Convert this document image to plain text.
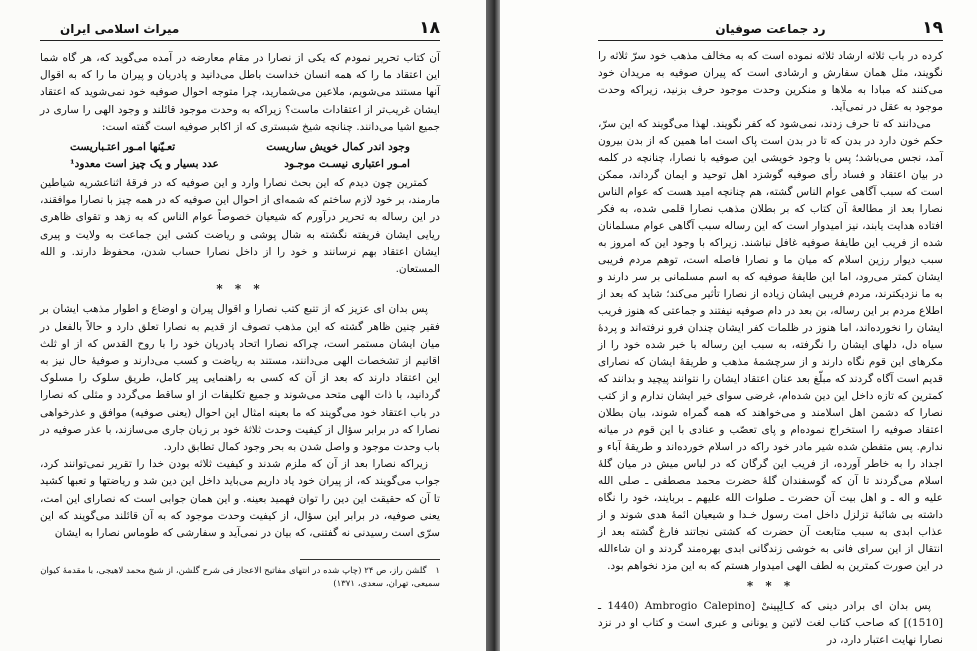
۱۸
میراث اسلامی ایران

آن کتاب تحریر نمودم که یکی از نصارا در مقام معارضه در آمده می‌گوید که، هر گاه شما این اعتقاد ما را که همه انسان خداست باطل می‌دانید و پادریان و پیران ما را که به اقوال آنها مستند می‌شویم، ملاعین می‌شمارید، چرا متوجه احوال صوفیه خود نمی‌شوید که اعتقاد ایشان غریب‌تر از اعتقادات ماست؟ زیراکه به وحدت موجود قائلند و وجود الهی را ساری در جمیع اشیا می‌دانند. چنانچه شیخ شبستری که از اکابر صوفیه است گفته است:

وجود اندر کمال خویش ساریست
تعـیّنها امـور اعتـباریست
امـور اعتباری نیسـت موجـود
عدد بسیار و یک چیز است معدود¹

کمترین چون دیدم که این بحث نصارا وارد و این صوفیه که در فرقهٔ اثناعشریه شیاطین مارمند، بر خود لازم ساختم که شمه‌ای از احوال این صوفیه که در همه چیز با نصارا موافقند، در این رساله به تحریر درآورم که شیعیان خصوصاً عوام الناس که به زهد و تقوای ظاهری ریایی ایشان فریفته نگشته به شال پوشی و ریاضت کشی این جماعت به ولایت و پیری ایشان اعتقاد بهم نرسانند و خود را از داخل نصارا حساب شدن، محفوظ دارند. و الله المستعان.

* * *

پس بدان ای عزیز که از تتبع کتب نصارا و اقوال پیران و اوضاع و اطوار مذهب ایشان بر فقیر چنین ظاهر گشته که این مذهب تصوف از قدیم به نصارا تعلق دارد و حالاً بالفعل در میان ایشان مستمر است، چراکه نصارا اتحاد پادریان خود را با روح القدس که از او ثلث اقانیم از تشخصات الهی می‌دانند، مستند به ریاضت و کسب می‌دارند و صوفیهٔ حال نیز به این اعتقاد دارند که بعد از آن که کسی به راهنمایی پیر کامل، طریق سلوک را مسلوک گردانید، با ذات الهی متحد می‌شوند و جمیع تکلیفات از او ساقط می‌گردد و مثلی که نصارا در باب اعتقاد خود می‌گویند که ما بعینه امثال این احوال (یعنی صوفیه) موافق و عذرخواهی نصارا که در برابر سؤال از کیفیت وحدت ثلاثهٔ خود بر زبان جاری می‌سازند، با عذر صوفیه در باب وحدت موجود و واصل شدن به بحر وجود کمال تطابق دارد.

زیراکه نصارا بعد از آن که ملزم شدند و کیفیت ثلاثه بودن خدا را تقریر نمی‌توانند کرد، جواب می‌گویند که، از پیران خود یاد داریم می‌باید داخل این دین شد و ریاضتها و تعبها کشید تا آن که حقیقت این دین را توان فهمید بعینه. و این همان جوابی است که نصارای این امت، یعنی صوفیه، در برابر این سؤال، از کیفیت وحدت موجود که به آن قائلند می‌گویند که این سرّی است رسیدنی نه گفتنی، که بیان در نمی‌آید و سفارشی که طوماس نصارا به ایشان

۱ گلشن راز، ص ۲۴ (چاپ شده در انتهای مفاتیح الاعجاز فی شرح گلشن، از شیخ محمد لاهیجی، با مقدمهٔ کیوان سمیعی، تهران، سعدی، ۱۳۷۱)
۱۹
رد جماعت صوفیان

کرده در باب ثلاثه ارشاد ثلاثه نموده است که به مخالف مذهب خود سرّ ثلاثه را نگویند، مثل همان سفارش و ارشادی است که پیران صوفیه به مریدان خود می‌کنند که مبادا به ملاها و منکرین وحدت موجود حرف بزنید، زیراکه وحدت موجود به عقل در نمی‌آید.

می‌دانند که تا حرف زدند، نمی‌شود که کفر نگویند. لهذا می‌گویند که این سرّ، حکم خون دارد در بدن که تا در بدن است پاک است اما همین که از بدن بیرون آمد، نجس می‌باشد؛ پس با وجود خویشی این صوفیه با نصارا، چنانچه در کلمه در بیان اعتقاد و فساد رأی صوفیه گوشزد اهل توحید و ایمان گرداند، ممکن است که سبب آگاهی عوام الناس گشته، هم چنانچه امید هست که عوام الناس نصارا بعد از مطالعهٔ آن کتاب که بر بطلان مذهب نصارا قلمی شده، به فکر افتاده هدایت یابند، نیز امیدوار است که این رساله سبب آگاهی عوام مسلمانان شده از فریب این طایفهٔ صوفیه غافل نباشند. زیراکه با وجود این که امروز به سبب دیوار رزین اسلام که میان ما و نصارا فاصله است، توهم مردم فریبی ایشان کمتر می‌رود، اما این طایفهٔ صوفیه که به اسم مسلمانی بر سر دارند و به ما نزدیکترند، مردم فریبی ایشان زیاده از نصارا تأثیر می‌کند؛ شاید که بعد از اطلاع مردم بر این رساله، بن بعد در دام صوفیه نیفتند و جماعتی که هنوز فریب ایشان را نخورده‌اند، اما هنوز در ظلمات کفر ایشان چندان فرو نرفته‌اند و پردهٔ سیاه دل، دلهای ایشان را نگرفته، به سبب این رساله با خبر شده خود را از مکرهای این قوم نگاه دارند و از سرچشمهٔ مذهب و طریقهٔ ایشان که نصارای قدیم است آگاه گردند که مبلّغ بعد عنان اعتقاد ایشان را نتوانند پیچید و بدانند که کمترین که تازه داخل این دین شده‌ام، غرضی سوای خیر ایشان ندارم و از کتب نصارا که دشمن اهل اسلامند و می‌خواهند که همه گمراه شوند، بیان بطلان اعتقاد صوفیه را استخراج نموده‌ام و پای تعصّب و عنادی با این قوم در میانه ندارم. پس متفطن شده شیر مادر خود راکه در اسلام خورده‌اند و طریقهٔ آباء و اجداد را به خاطر آورده، از فریب این گرگان که در لباس میش در میان گلهٔ اسلام می‌گردند تا آن که گوسفندان گلهٔ حضرت محمد مصطفی ـ صلی الله علیه و اله ـ و اهل بیت آن حضرت ـ صلوات الله علیهم ـ بربایند، خود را نگاه داشته بی شائبهٔ تزلزل داخل امت رسول خـدا و شیعیان ائمهٔ هدی شوند و از عذاب ابدی به سبب متابعت آن حضرت که کشتی نجاتند فارغ گشته بعد از انتقال از این سرای فانی به خوشی زندگانی ابدی بهره‌مند گردند و ان شاءالله در این صورت کمترین به لطف الهی امیدوار هستم که به این مزد نخواهم بود.

* * *

پس بدان ای برادر دینی که کـالِپینیْ [Ambrogio Calepino (1440 ـ [1510)] که صاحب کتاب لغت لاتین و یونانی و عبری است و کتاب او در نزد نصارا نهایت اعتبار دارد، در
